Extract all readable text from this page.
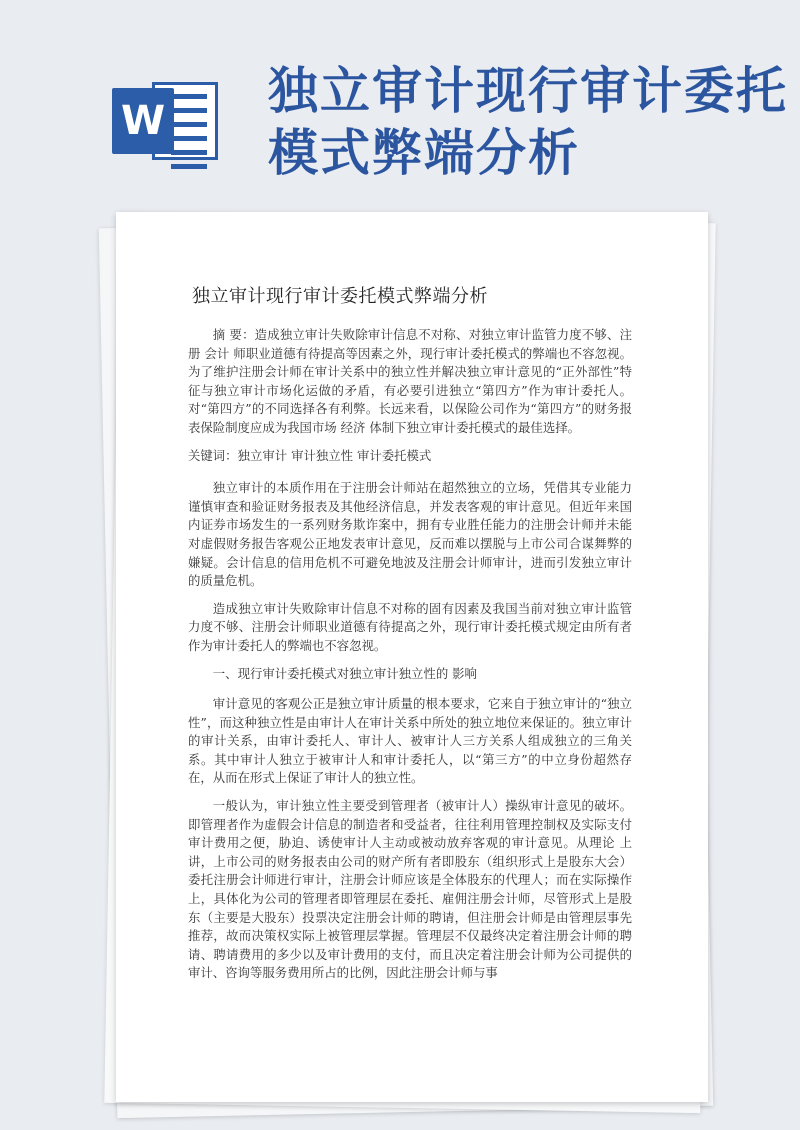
W
独立审计现行审计委托模式弊端分析
独立审计现行审计委托模式弊端分析

摘 要：造成独立审计失败除审计信息不对称、对独立审计监管力度不够、注册 会计 师职业道德有待提高等因素之外，现行审计委托模式的弊端也不容忽视。为了维护注册会计师在审计关系中的独立性并解决独立审计意见的“正外部性”特征与独立审计市场化运做的矛盾，有必要引进独立“第四方”作为审计委托人。对“第四方”的不同选择各有利弊。长远来看，以保险公司作为“第四方”的财务报表保险制度应成为我国市场 经济 体制下独立审计委托模式的最佳选择。

关键词：独立审计 审计独立性 审计委托模式

独立审计的本质作用在于注册会计师站在超然独立的立场，凭借其专业能力谨慎审查和验证财务报表及其他经济信息，并发表客观的审计意见。但近年来国内证券市场发生的一系列财务欺诈案中，拥有专业胜任能力的注册会计师并未能对虚假财务报告客观公正地发表审计意见，反而难以摆脱与上市公司合谋舞弊的嫌疑。会计信息的信用危机不可避免地波及注册会计师审计，进而引发独立审计的质量危机。

造成独立审计失败除审计信息不对称的固有因素及我国当前对独立审计监管力度不够、注册会计师职业道德有待提高之外，现行审计委托模式规定由所有者作为审计委托人的弊端也不容忽视。

一、现行审计委托模式对独立审计独立性的 影响

审计意见的客观公正是独立审计质量的根本要求，它来自于独立审计的“独立性”，而这种独立性是由审计人在审计关系中所处的独立地位来保证的。独立审计的审计关系，由审计委托人、审计人、被审计人三方关系人组成独立的三角关系。其中审计人独立于被审计人和审计委托人，以“第三方”的中立身份超然存在，从而在形式上保证了审计人的独立性。

一般认为，审计独立性主要受到管理者（被审计人）操纵审计意见的破坏。即管理者作为虚假会计信息的制造者和受益者，往往利用管理控制权及实际支付审计费用之便，胁迫、诱使审计人主动或被动放弃客观的审计意见。从理论 上讲，上市公司的财务报表由公司的财产所有者即股东（组织形式上是股东大会）委托注册会计师进行审计，注册会计师应该是全体股东的代理人；而在实际操作上，具体化为公司的管理者即管理层在委托、雇佣注册会计师，尽管形式上是股东（主要是大股东）投票决定注册会计师的聘请，但注册会计师是由管理层事先推荐，故而决策权实际上被管理层掌握。管理层不仅最终决定着注册会计师的聘请、聘请费用的多少以及审计费用的支付，而且决定着注册会计师为公司提供的审计、咨询等服务费用所占的比例，因此注册会计师与事
